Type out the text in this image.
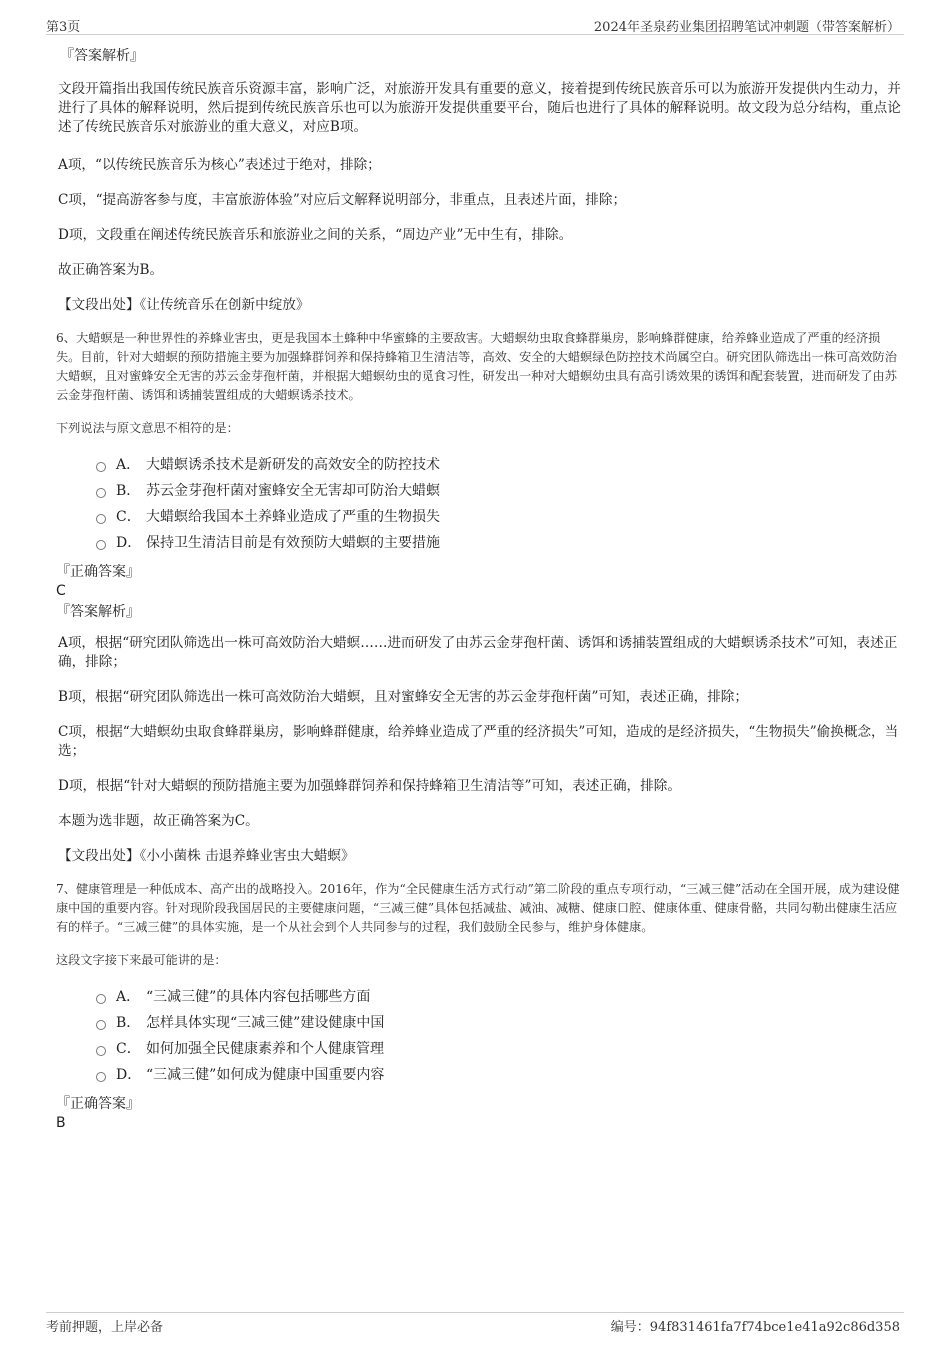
第3页	2024年圣泉药业集团招聘笔试冲刺题（带答案解析）
『答案解析』

文段开篇指出我国传统民族音乐资源丰富，影响广泛，对旅游开发具有重要的意义，接着提到传统民族音乐可以为旅游开发提供内生动力，并进行了具体的解释说明，然后提到传统民族音乐也可以为旅游开发提供重要平台，随后也进行了具体的解释说明。故文段为总分结构，重点论述了传统民族音乐对旅游业的重大意义，对应B项。

A项，“以传统民族音乐为核心”表述过于绝对，排除；

C项，“提高游客参与度，丰富旅游体验”对应后文解释说明部分，非重点，且表述片面，排除；

D项，文段重在阐述传统民族音乐和旅游业之间的关系，“周边产业”无中生有，排除。

故正确答案为B。

【文段出处】《让传统音乐在创新中绽放》

6、大蜡螟是一种世界性的养蜂业害虫，更是我国本土蜂种中华蜜蜂的主要敌害。大蜡螟幼虫取食蜂群巢房，影响蜂群健康，给养蜂业造成了严重的经济损失。目前，针对大蜡螟的预防措施主要为加强蜂群饲养和保持蜂箱卫生清洁等，高效、安全的大蜡螟绿色防控技术尚属空白。研究团队筛选出一株可高效防治大蜡螟，且对蜜蜂安全无害的苏云金芽孢杆菌，并根据大蜡螟幼虫的觅食习性，研发出一种对大蜡螟幼虫具有高引诱效果的诱饵和配套装置，进而研发了由苏云金芽孢杆菌、诱饵和诱捕装置组成的大蜡螟诱杀技术。

下列说法与原文意思不相符的是：

A． 大蜡螟诱杀技术是新研发的高效安全的防控技术
B． 苏云金芽孢杆菌对蜜蜂安全无害却可防治大蜡螟
C． 大蜡螟给我国本土养蜂业造成了严重的生物损失
D． 保持卫生清洁目前是有效预防大蜡螟的主要措施
『正确答案』
C
『答案解析』

A项，根据“研究团队筛选出一株可高效防治大蜡螟……进而研发了由苏云金芽孢杆菌、诱饵和诱捕装置组成的大蜡螟诱杀技术”可知，表述正确，排除；

B项，根据“研究团队筛选出一株可高效防治大蜡螟，且对蜜蜂安全无害的苏云金芽孢杆菌”可知，表述正确，排除；

C项，根据“大蜡螟幼虫取食蜂群巢房，影响蜂群健康，给养蜂业造成了严重的经济损失”可知，造成的是经济损失，“生物损失”偷换概念，当选；

D项，根据“针对大蜡螟的预防措施主要为加强蜂群饲养和保持蜂箱卫生清洁等”可知，表述正确，排除。

本题为选非题，故正确答案为C。

【文段出处】《小小菌株 击退养蜂业害虫大蜡螟》

7、健康管理是一种低成本、高产出的战略投入。2016年，作为“全民健康生活方式行动”第二阶段的重点专项行动，“三减三健”活动在全国开展，成为建设健康中国的重要内容。针对现阶段我国居民的主要健康问题，“三减三健”具体包括减盐、减油、减糖、健康口腔、健康体重、健康骨骼，共同勾勒出健康生活应有的样子。“三减三健”的具体实施，是一个从社会到个人共同参与的过程，我们鼓励全民参与，维护身体健康。

这段文字接下来最可能讲的是：

A． “三减三健”的具体内容包括哪些方面
B． 怎样具体实现“三减三健”建设健康中国
C． 如何加强全民健康素养和个人健康管理
D． “三减三健”如何成为健康中国重要内容
『正确答案』
B
考前押题，上岸必备	编号：94f831461fa7f74bce1e41a92c86d358
